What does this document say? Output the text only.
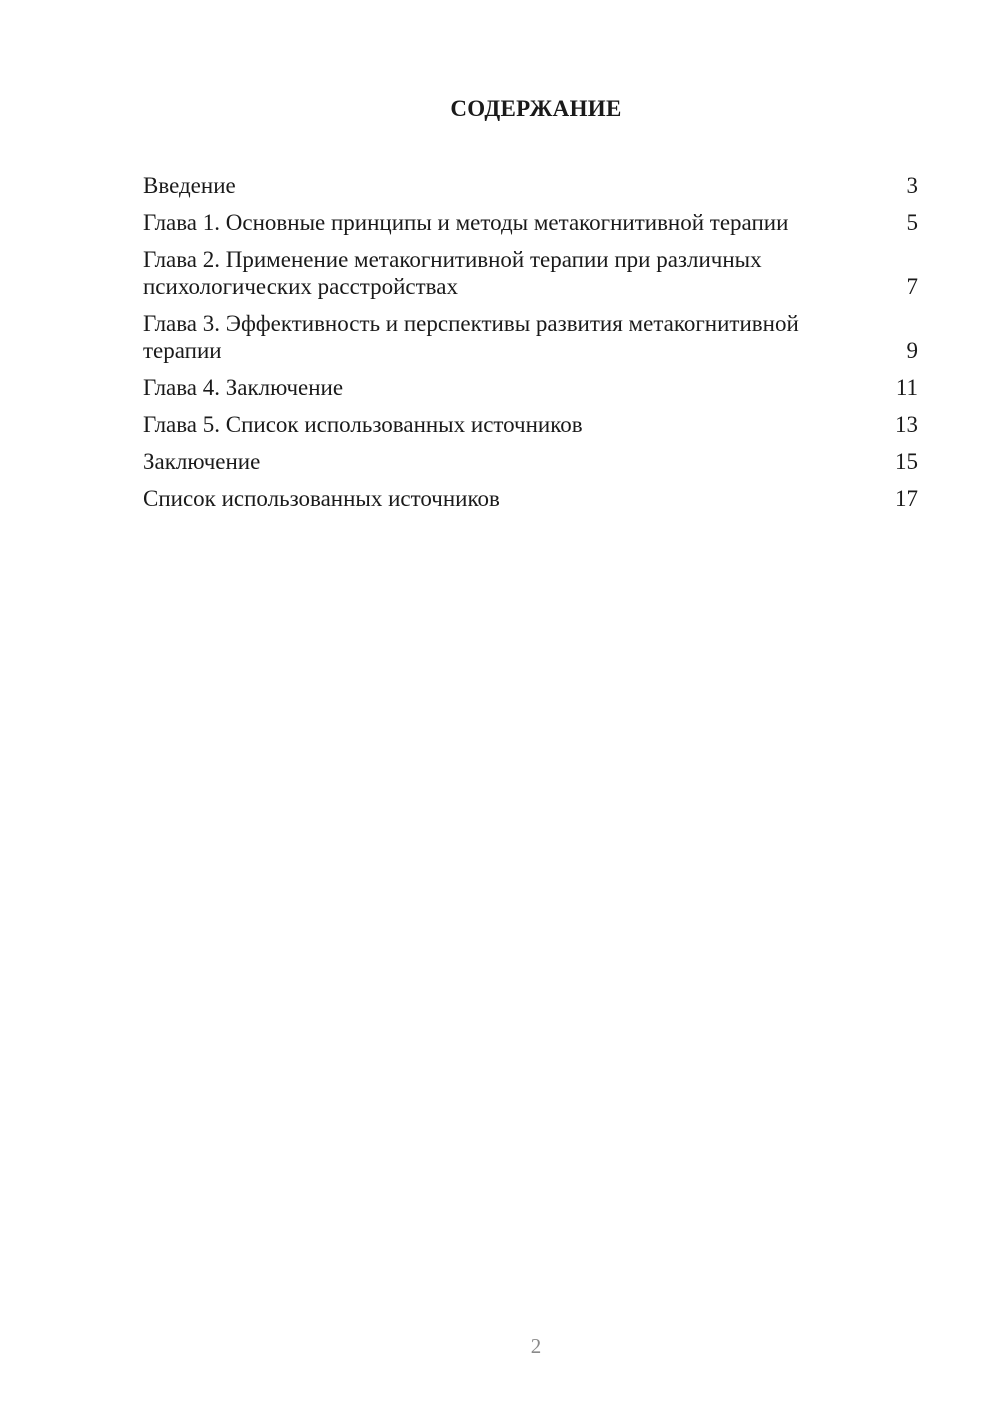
СОДЕРЖАНИЕ
Введение	3
Глава 1. Основные принципы и методы метакогнитивной терапии	5
Глава 2. Применение метакогнитивной терапии при различных психологических расстройствах	7
Глава 3. Эффективность и перспективы развития метакогнитивной терапии	9
Глава 4. Заключение	11
Глава 5. Список использованных источников	13
Заключение	15
Список использованных источников	17
2
